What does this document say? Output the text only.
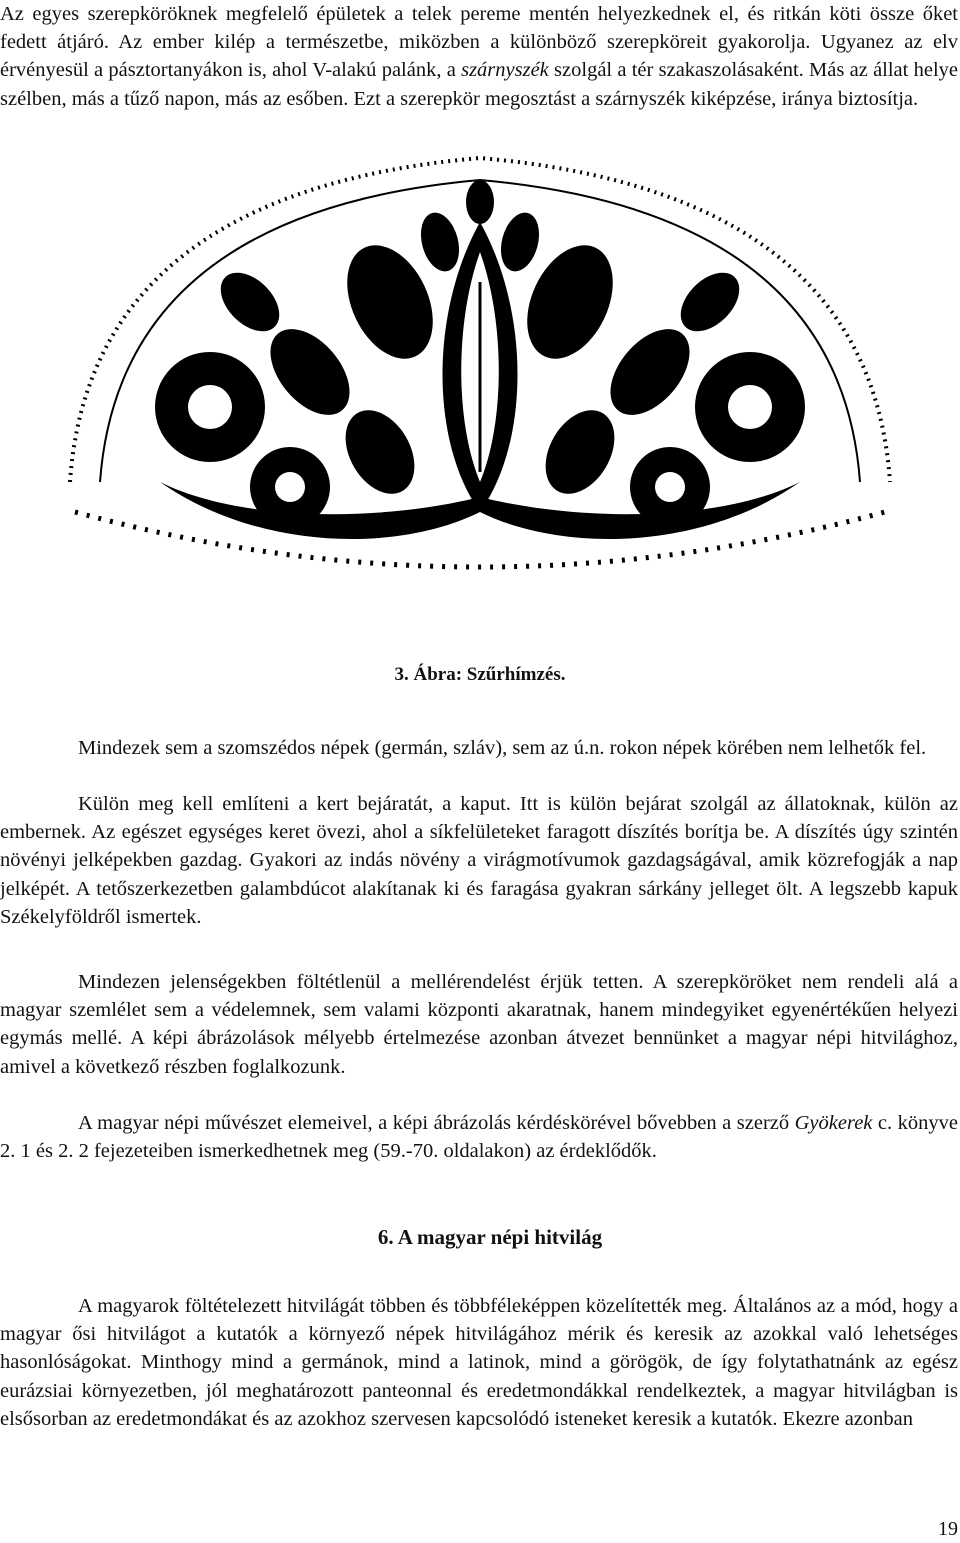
Az egyes szerepköröknek megfelelő épületek a telek pereme mentén helyezkednek el, és ritkán köti össze őket fedett átjáró. Az ember kilép a természetbe, miközben a különböző szerepköreit gyakorolja. Ugyanez az elv érvényesül a pásztortanyákon is, ahol V-alakú palánk, a szárnyszék szolgál a tér szakaszolásaként. Más az állat helye szélben, más a tűző napon, más az esőben. Ezt a szerepkör megosztást a szárnyszék kiképzése, iránya biztosítja.

3. Ábra: Szűrhímzés.

Mindezek sem a szomszédos népek (germán, szláv), sem az ú.n. rokon népek körében nem lelhetők fel.

Külön meg kell említeni a kert bejáratát, a kaput. Itt is külön bejárat szolgál az állatoknak, külön az embernek. Az egészet egységes keret övezi, ahol a síkfelületeket faragott díszítés borítja be. A díszítés úgy szintén növényi jelképekben gazdag. Gyakori az indás növény a virágmotívumok gazdagságával, amik közrefogják a nap jelképét. A tetőszerkezetben galambdúcot alakítanak ki és faragása gyakran sárkány jelleget ölt. A legszebb kapuk Székelyföldről ismertek.

Mindezen jelenségekben föltétlenül a mellérendelést érjük tetten. A szerepköröket nem rendeli alá a magyar szemlélet sem a védelemnek, sem valami központi akaratnak, hanem mindegyiket egyenértékűen helyezi egymás mellé. A képi ábrázolások mélyebb értelmezése azonban átvezet bennünket a magyar népi hitvilághoz, amivel a következő részben foglalkozunk.

A magyar népi művészet elemeivel, a képi ábrázolás kérdéskörével bővebben a szerző Gyökerek c. könyve 2. 1 és 2. 2 fejezeteiben ismerkedhetnek meg (59.-70. oldalakon) az érdeklődők.

6. A magyar népi hitvilág

A magyarok föltételezett hitvilágát többen és többféleképpen közelítették meg. Általános az a mód, hogy a magyar ősi hitvilágot a kutatók a környező népek hitvilágához mérik és keresik az azokkal való lehetséges hasonlóságokat. Minthogy mind a germánok, mind a latinok, mind a görögök, de így folytathatnánk az egész eurázsiai környezetben, jól meghatározott panteonnal és eredetmondákkal rendelkeztek, a magyar hitvilágban is elsősorban az eredetmondákat és az azokhoz szervesen kapcsolódó isteneket keresik a kutatók. Ekezre azonban

19
